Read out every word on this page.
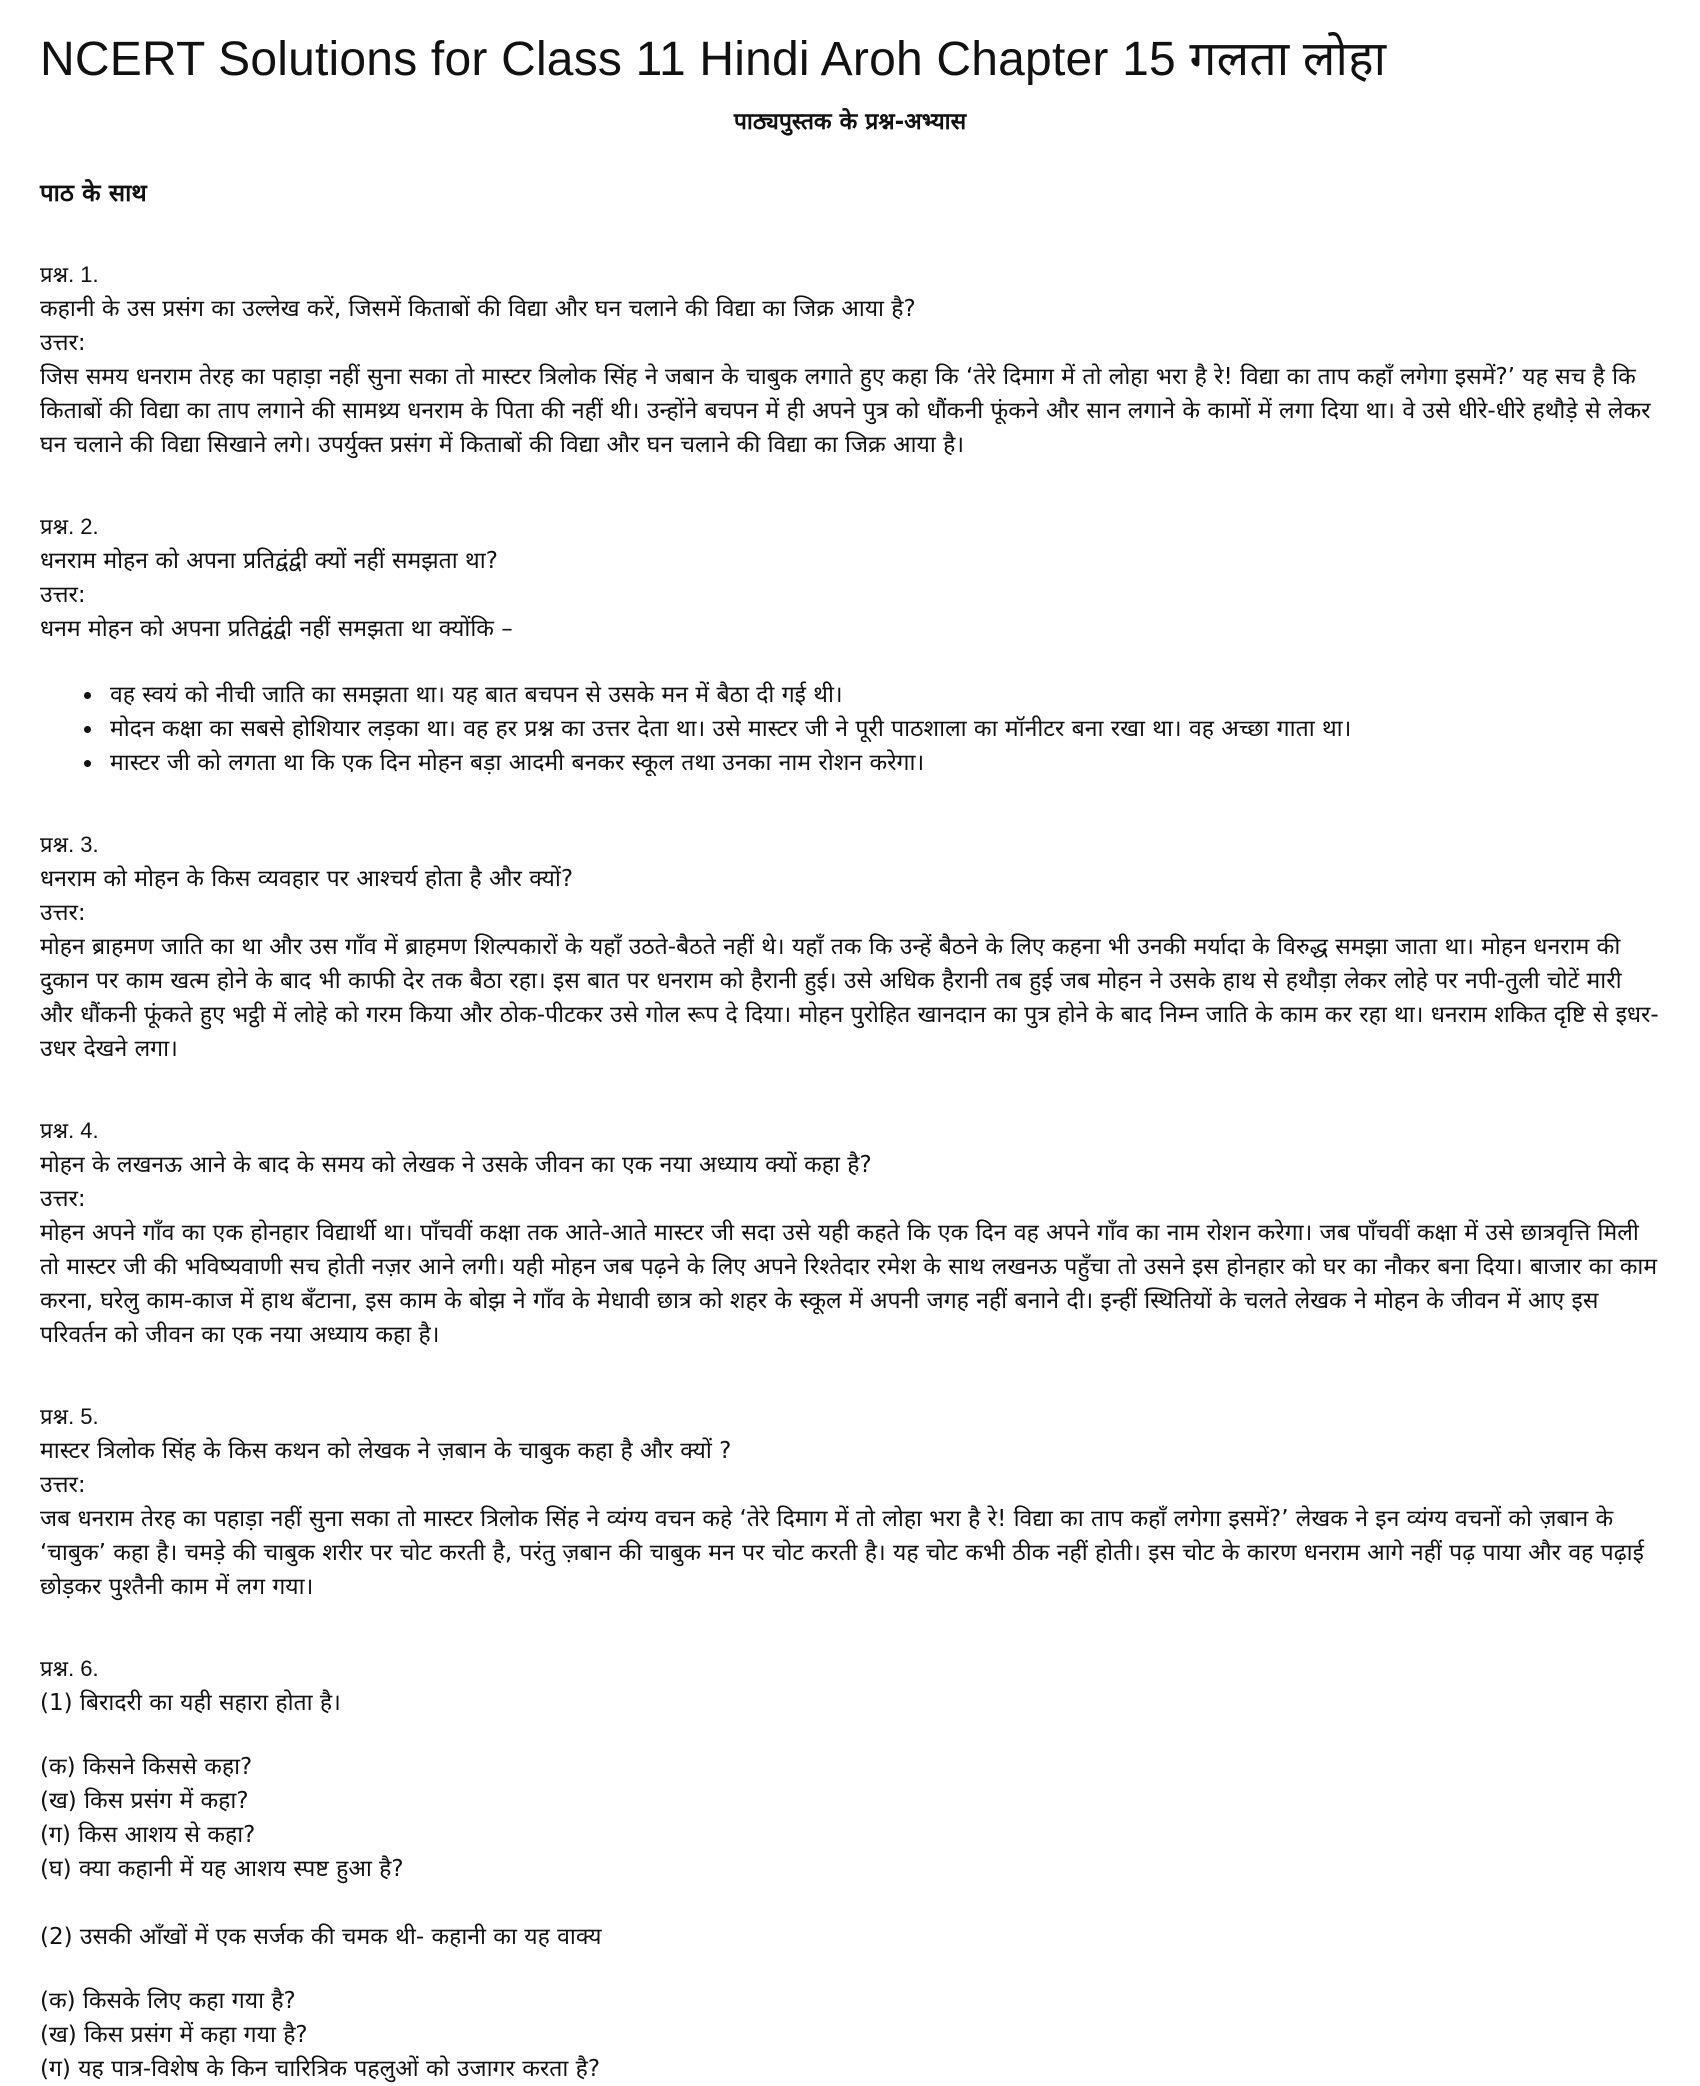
NCERT Solutions for Class 11 Hindi Aroh Chapter 15 गलता लोहा
पाठ्यपुस्तक के प्रश्न-अभ्यास
पाठ के साथ
प्रश्न. 1.
कहानी के उस प्रसंग का उल्लेख करें, जिसमें किताबों की विद्या और घन चलाने की विद्या का जिक्र आया है?
उत्तर:
जिस समय धनराम तेरह का पहाड़ा नहीं सुना सका तो मास्टर त्रिलोक सिंह ने जबान के चाबुक लगाते हुए कहा कि ‘तेरे दिमाग में तो लोहा भरा है रे! विद्या का ताप कहाँ लगेगा इसमें?’ यह सच है कि किताबों की विद्या का ताप लगाने की सामथ्र्य धनराम के पिता की नहीं थी। उन्होंने बचपन में ही अपने पुत्र को धौंकनी फूंकने और सान लगाने के कामों में लगा दिया था। वे उसे धीरे-धीरे हथौड़े से लेकर घन चलाने की विद्या सिखाने लगे। उपर्युक्त प्रसंग में किताबों की विद्या और घन चलाने की विद्या का जिक्र आया है।
प्रश्न. 2.
धनराम मोहन को अपना प्रतिद्वंद्वी क्यों नहीं समझता था?
उत्तर:
धनम मोहन को अपना प्रतिद्वंद्वी नहीं समझता था क्योंकि –
• वह स्वयं को नीची जाति का समझता था। यह बात बचपन से उसके मन में बैठा दी गई थी।
• मोदन कक्षा का सबसे होशियार लड़का था। वह हर प्रश्न का उत्तर देता था। उसे मास्टर जी ने पूरी पाठशाला का मॉनीटर बना रखा था। वह अच्छा गाता था।
• मास्टर जी को लगता था कि एक दिन मोहन बड़ा आदमी बनकर स्कूल तथा उनका नाम रोशन करेगा।
प्रश्न. 3.
धनराम को मोहन के किस व्यवहार पर आश्चर्य होता है और क्यों?
उत्तर:
मोहन ब्राहमण जाति का था और उस गाँव में ब्राहमण शिल्पकारों के यहाँ उठते-बैठते नहीं थे। यहाँ तक कि उन्हें बैठने के लिए कहना भी उनकी मर्यादा के विरुद्ध समझा जाता था। मोहन धनराम की दुकान पर काम खत्म होने के बाद भी काफी देर तक बैठा रहा। इस बात पर धनराम को हैरानी हुई। उसे अधिक हैरानी तब हुई जब मोहन ने उसके हाथ से हथौड़ा लेकर लोहे पर नपी-तुली चोटें मारी और धौंकनी फूंकते हुए भट्ठी में लोहे को गरम किया और ठोक-पीटकर उसे गोल रूप दे दिया। मोहन पुरोहित खानदान का पुत्र होने के बाद निम्न जाति के काम कर रहा था। धनराम शकित दृष्टि से इधर-उधर देखने लगा।
प्रश्न. 4.
मोहन के लखनऊ आने के बाद के समय को लेखक ने उसके जीवन का एक नया अध्याय क्यों कहा है?
उत्तर:
मोहन अपने गाँव का एक होनहार विद्यार्थी था। पाँचवीं कक्षा तक आते-आते मास्टर जी सदा उसे यही कहते कि एक दिन वह अपने गाँव का नाम रोशन करेगा। जब पाँचवीं कक्षा में उसे छात्रवृत्ति मिली तो मास्टर जी की भविष्यवाणी सच होती नज़र आने लगी। यही मोहन जब पढ़ने के लिए अपने रिश्तेदार रमेश के साथ लखनऊ पहुँचा तो उसने इस होनहार को घर का नौकर बना दिया। बाजार का काम करना, घरेलु काम-काज में हाथ बँटाना, इस काम के बोझ ने गाँव के मेधावी छात्र को शहर के स्कूल में अपनी जगह नहीं बनाने दी। इन्हीं स्थितियों के चलते लेखक ने मोहन के जीवन में आए इस परिवर्तन को जीवन का एक नया अध्याय कहा है।
प्रश्न. 5.
मास्टर त्रिलोक सिंह के किस कथन को लेखक ने ज़बान के चाबुक कहा है और क्यों ?
उत्तर:
जब धनराम तेरह का पहाड़ा नहीं सुना सका तो मास्टर त्रिलोक सिंह ने व्यंग्य वचन कहे ‘तेरे दिमाग में तो लोहा भरा है रे! विद्या का ताप कहाँ लगेगा इसमें?’ लेखक ने इन व्यंग्य वचनों को ज़बान के ‘चाबुक’ कहा है। चमड़े की चाबुक शरीर पर चोट करती है, परंतु ज़बान की चाबुक मन पर चोट करती है। यह चोट कभी ठीक नहीं होती। इस चोट के कारण धनराम आगे नहीं पढ़ पाया और वह पढ़ाई छोड़कर पुश्तैनी काम में लग गया।
प्रश्न. 6.
(1) बिरादरी का यही सहारा होता है।
(क) किसने किससे कहा?
(ख) किस प्रसंग में कहा?
(ग) किस आशय से कहा?
(घ) क्या कहानी में यह आशय स्पष्ट हुआ है?
(2) उसकी आँखों में एक सर्जक की चमक थी- कहानी का यह वाक्य
(क) किसके लिए कहा गया है?
(ख) किस प्रसंग में कहा गया है?
(ग) यह पात्र-विशेष के किन चारित्रिक पहलुओं को उजागर करता है?
